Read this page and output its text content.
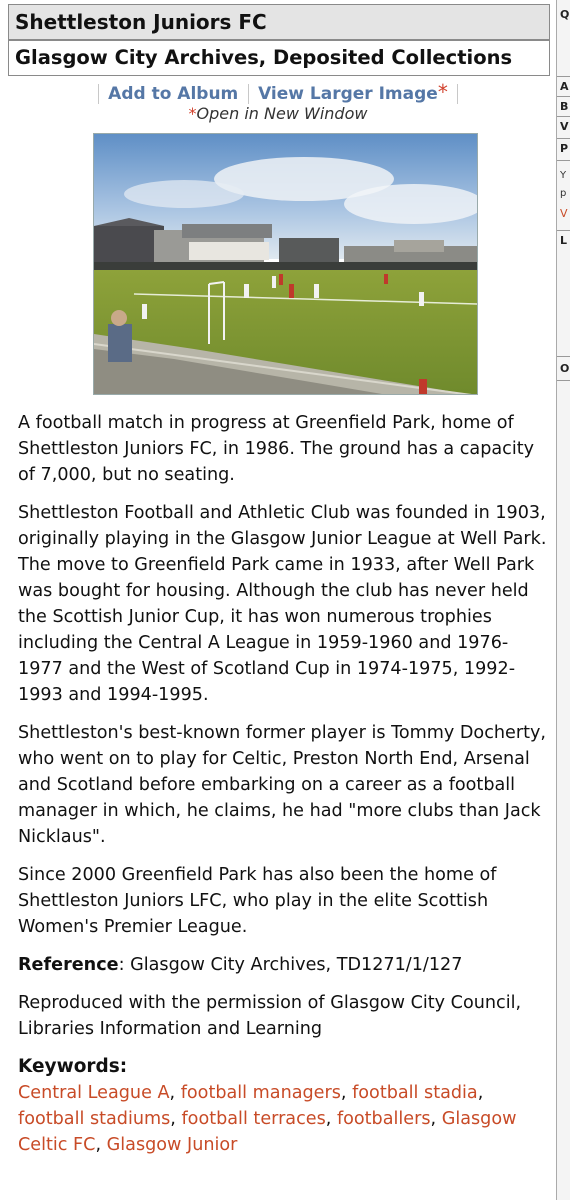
Shettleston Juniors FC
Glasgow City Archives, Deposited Collections
Add to Album View Larger Image*
*Open in New Window

A football match in progress at Greenfield Park, home of Shettleston Juniors FC, in 1986. The ground has a capacity of 7,000, but no seating.

Shettleston Football and Athletic Club was founded in 1903, originally playing in the Glasgow Junior League at Well Park. The move to Greenfield Park came in 1933, after Well Park was bought for housing. Although the club has never held the Scottish Junior Cup, it has won numerous trophies including the Central A League in 1959-1960 and 1976-1977 and the West of Scotland Cup in 1974-1975, 1992-1993 and 1994-1995.

Shettleston's best-known former player is Tommy Docherty, who went on to play for Celtic, Preston North End, Arsenal and Scotland before embarking on a career as a football manager in which, he claims, he had "more clubs than Jack Nicklaus".

Since 2000 Greenfield Park has also been the home of Shettleston Juniors LFC, who play in the elite Scottish Women's Premier League.

Reference: Glasgow City Archives, TD1271/1/127

Reproduced with the permission of Glasgow City Council, Libraries Information and Learning

Keywords:
Central League A, football managers, football stadia, football stadiums, football terraces, footballers, Glasgow Celtic FC, Glasgow Junior
Q
A
B
V
P
Y
p
V
L
O
